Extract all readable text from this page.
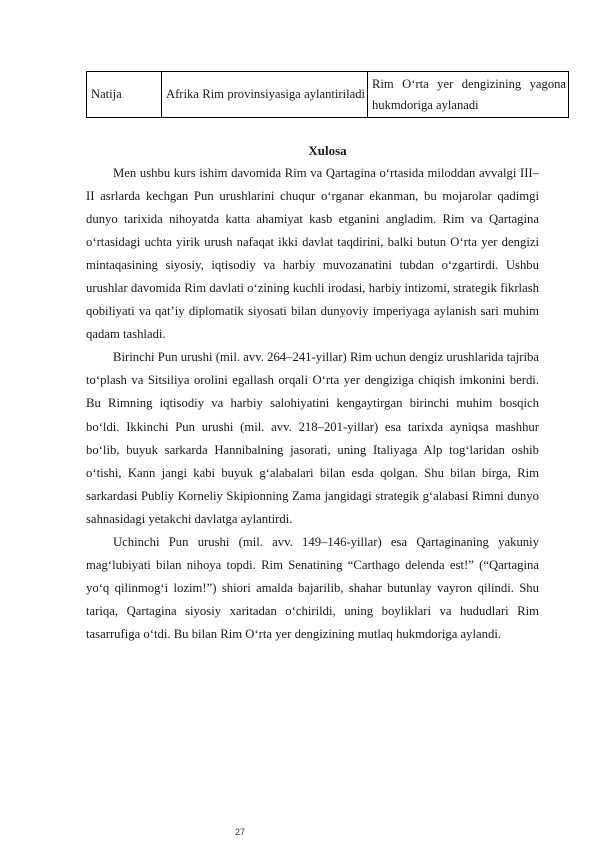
Natija	Afrika Rim provinsiyasiga aylantiriladi	Rim O‘rta yer dengizining yagona hukmdoriga aylanadi
Xulosa

Men ushbu kurs ishim davomida Rim va Qartagina o‘rtasida miloddan avvalgi III–II asrlarda kechgan Pun urushlarini chuqur o‘rganar ekanman, bu mojarolar qadimgi dunyo tarixida nihoyatda katta ahamiyat kasb etganini angladim. Rim va Qartagina o‘rtasidagi uchta yirik urush nafaqat ikki davlat taqdirini, balki butun O‘rta yer dengizi mintaqasining siyosiy, iqtisodiy va harbiy muvozanatini tubdan o‘zgartirdi. Ushbu urushlar davomida Rim davlati o‘zining kuchli irodasi, harbiy intizomi, strategik fikrlash qobiliyati va qat’iy diplomatik siyosati bilan dunyoviy imperiyaga aylanish sari muhim qadam tashladi.

Birinchi Pun urushi (mil. avv. 264–241-yillar) Rim uchun dengiz urushlarida tajriba to‘plash va Sitsiliya orolini egallash orqali O‘rta yer dengiziga chiqish imkonini berdi. Bu Rimning iqtisodiy va harbiy salohiyatini kengaytirgan birinchi muhim bosqich bo‘ldi. Ikkinchi Pun urushi (mil. avv. 218–201-yillar) esa tarixda ayniqsa mashhur bo‘lib, buyuk sarkarda Hannibalning jasorati, uning Italiyaga Alp tog‘laridan oshib o‘tishi, Kann jangi kabi buyuk g‘alabalari bilan esda qolgan. Shu bilan birga, Rim sarkardasi Publiy Korneliy Skipionning Zama jangidagi strategik g‘alabasi Rimni dunyo sahnasidagi yetakchi davlatga aylantirdi.

Uchinchi Pun urushi (mil. avv. 149–146-yillar) esa Qartaginaning yakuniy mag‘lubiyati bilan nihoya topdi. Rim Senatining “Carthago delenda est!” (“Qartagina yo‘q qilinmog‘i lozim!”) shiori amalda bajarilib, shahar butunlay vayron qilindi. Shu tariqa, Qartagina siyosiy xaritadan o‘chirildi, uning boyliklari va hududlari Rim tasarrufiga o‘tdi. Bu bilan Rim O‘rta yer dengizining mutlaq hukmdoriga aylandi.

27
